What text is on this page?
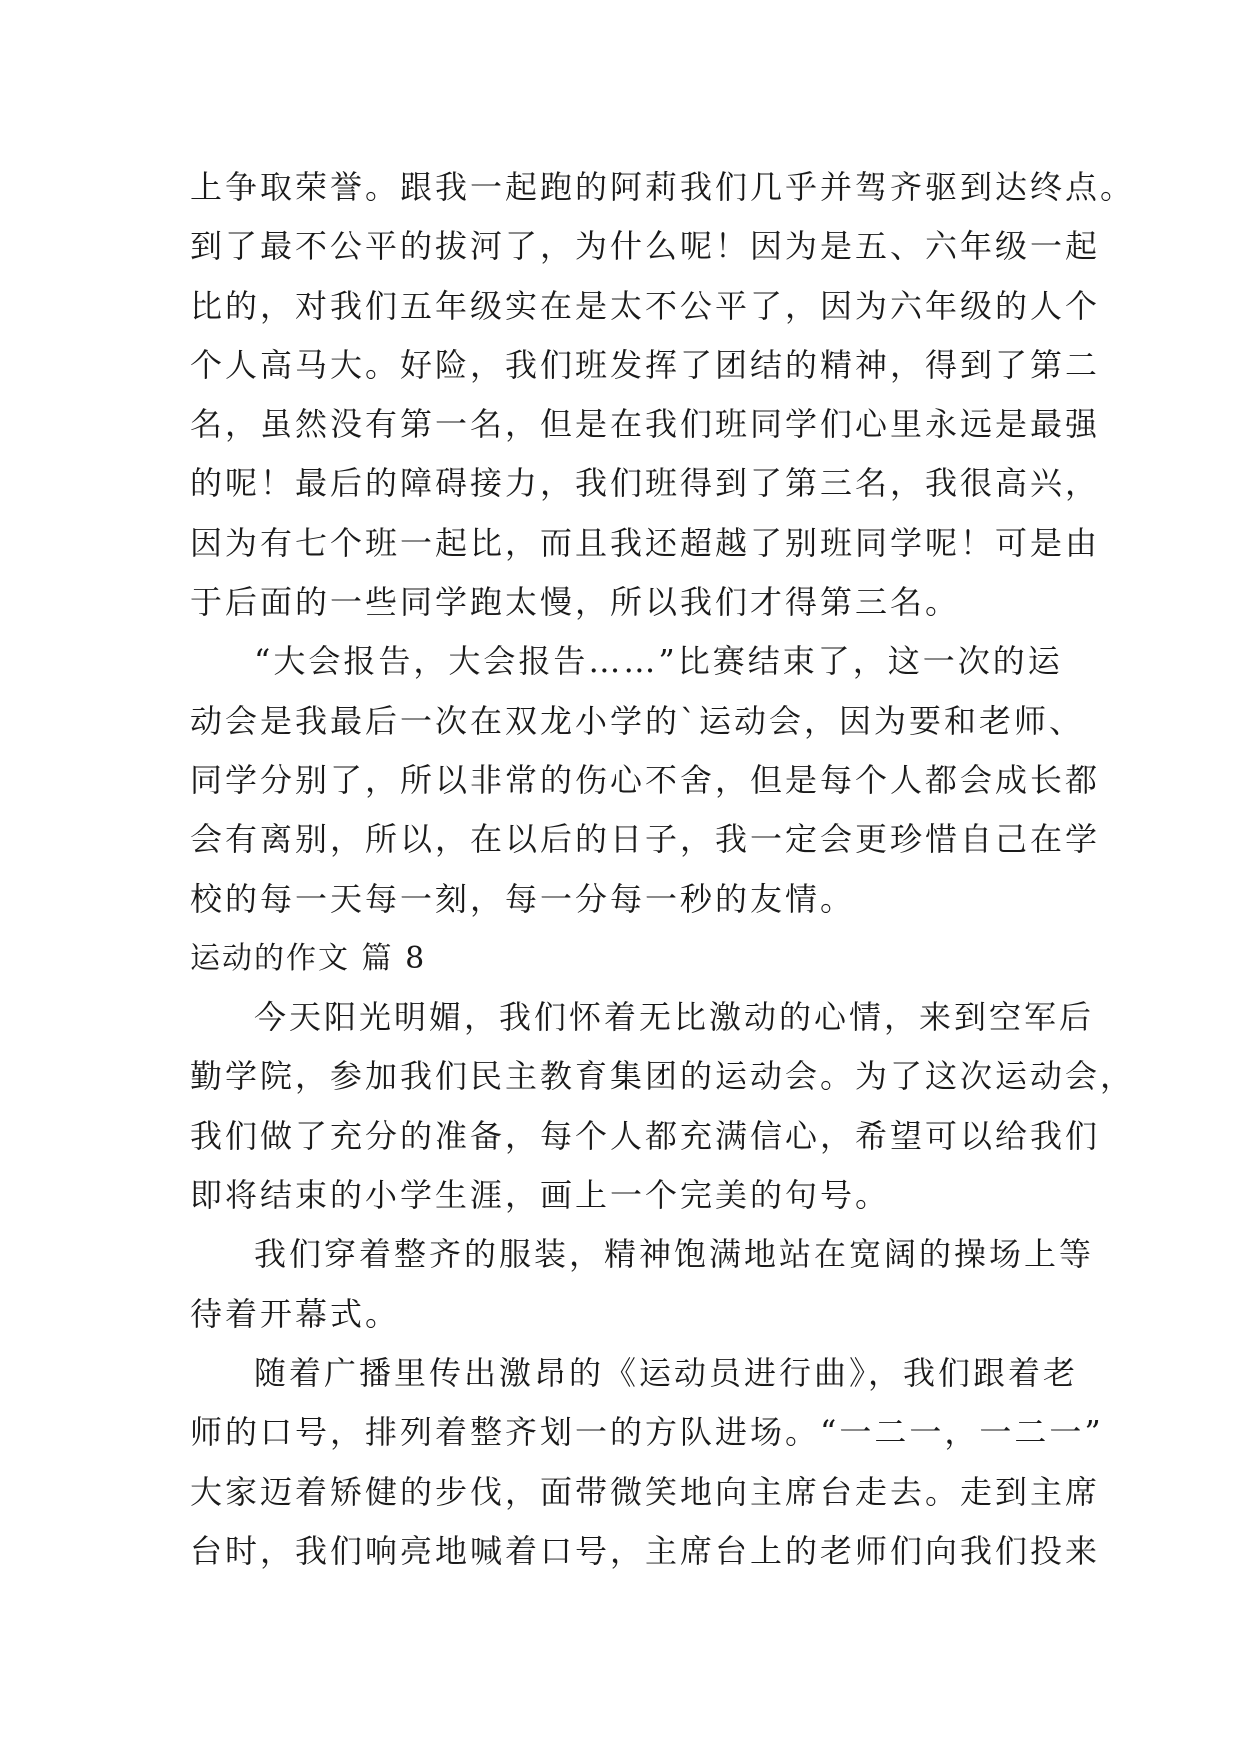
上争取荣誉。跟我一起跑的阿莉我们几乎并驾齐驱到达终点。
到了最不公平的拔河了，为什么呢！因为是五、六年级一起
比的，对我们五年级实在是太不公平了，因为六年级的人个
个人高马大。好险，我们班发挥了团结的精神，得到了第二
名，虽然没有第一名，但是在我们班同学们心里永远是最强
的呢！最后的障碍接力，我们班得到了第三名，我很高兴，
因为有七个班一起比，而且我还超越了别班同学呢！可是由
于后面的一些同学跑太慢，所以我们才得第三名。
“大会报告，大会报告……”比赛结束了，这一次的运
动会是我最后一次在双龙小学的`运动会，因为要和老师、
同学分别了，所以非常的伤心不舍，但是每个人都会成长都
会有离别，所以，在以后的日子，我一定会更珍惜自己在学
校的每一天每一刻，每一分每一秒的友情。
运动的作文 篇 8
今天阳光明媚，我们怀着无比激动的心情，来到空军后
勤学院，参加我们民主教育集团的运动会。为了这次运动会，
我们做了充分的准备，每个人都充满信心，希望可以给我们
即将结束的小学生涯，画上一个完美的句号。
我们穿着整齐的服装，精神饱满地站在宽阔的操场上等
待着开幕式。
随着广播里传出激昂的《运动员进行曲》，我们跟着老
师的口号，排列着整齐划一的方队进场。“一二一，一二一”
大家迈着矫健的步伐，面带微笑地向主席台走去。走到主席
台时，我们响亮地喊着口号，主席台上的老师们向我们投来
